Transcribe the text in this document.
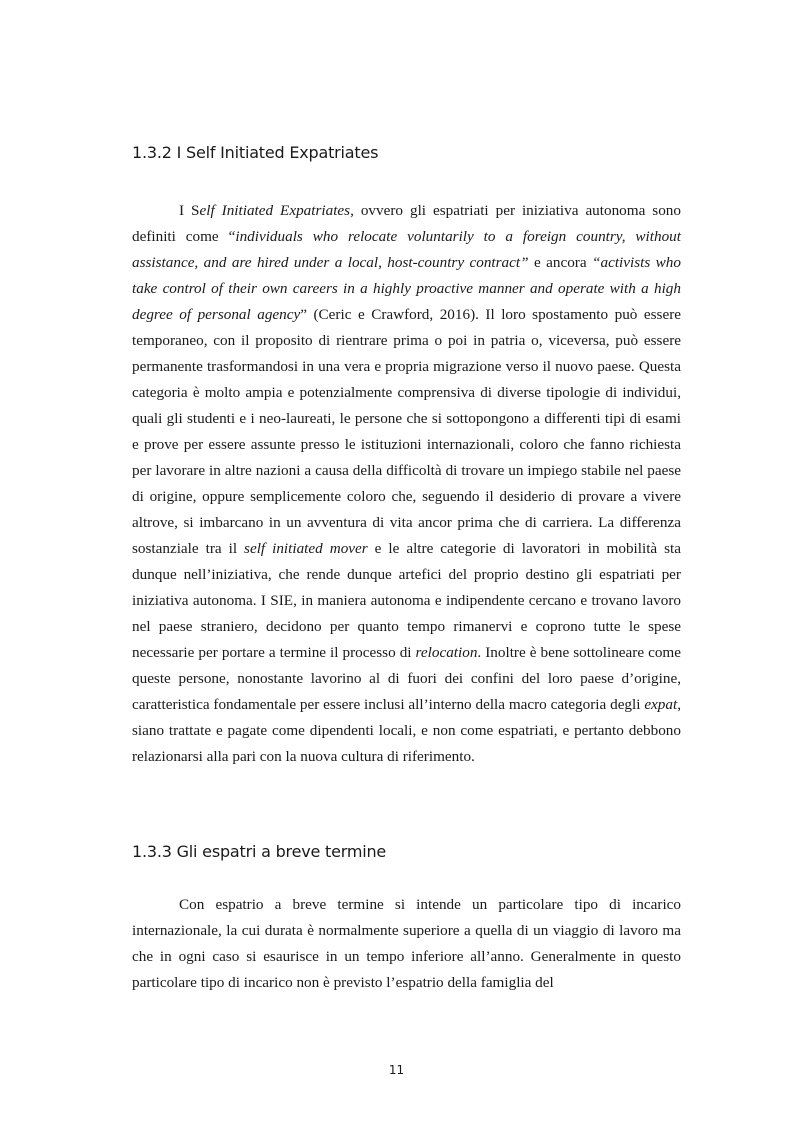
1.3.2 I Self Initiated Expatriates

I Self Initiated Expatriates, ovvero gli espatriati per iniziativa autonoma sono definiti come “individuals who relocate voluntarily to a foreign country, without assistance, and are hired under a local, host-country contract” e ancora “activists who take control of their own careers in a highly proactive manner and operate with a high degree of personal agency” (Ceric e Crawford, 2016). Il loro spostamento può essere temporaneo, con il proposito di rientrare prima o poi in patria o, viceversa, può essere permanente trasformandosi in una vera e propria migrazione verso il nuovo paese. Questa categoria è molto ampia e potenzialmente comprensiva di diverse tipologie di individui, quali gli studenti e i neo-laureati, le persone che si sottopongono a differenti tipi di esami e prove per essere assunte presso le istituzioni internazionali, coloro che fanno richiesta per lavorare in altre nazioni a causa della difficoltà di trovare un impiego stabile nel paese di origine, oppure semplicemente coloro che, seguendo il desiderio di provare a vivere altrove, si imbarcano in un avventura di vita ancor prima che di carriera. La differenza sostanziale tra il self initiated mover e le altre categorie di lavoratori in mobilità sta dunque nell’iniziativa, che rende dunque artefici del proprio destino gli espatriati per iniziativa autonoma. I SIE, in maniera autonoma e indipendente cercano e trovano lavoro nel paese straniero, decidono per quanto tempo rimanervi e coprono tutte le spese necessarie per portare a termine il processo di relocation. Inoltre è bene sottolineare come queste persone, nonostante lavorino al di fuori dei confini del loro paese d’origine, caratteristica fondamentale per essere inclusi all’interno della macro categoria degli expat, siano trattate e pagate come dipendenti locali, e non come espatriati, e pertanto debbono relazionarsi alla pari con la nuova cultura di riferimento.

1.3.3 Gli espatri a breve termine

Con espatrio a breve termine si intende un particolare tipo di incarico internazionale, la cui durata è normalmente superiore a quella di un viaggio di lavoro ma che in ogni caso si esaurisce in un tempo inferiore all’anno. Generalmente in questo particolare tipo di incarico non è previsto l’espatrio della famiglia del

11
